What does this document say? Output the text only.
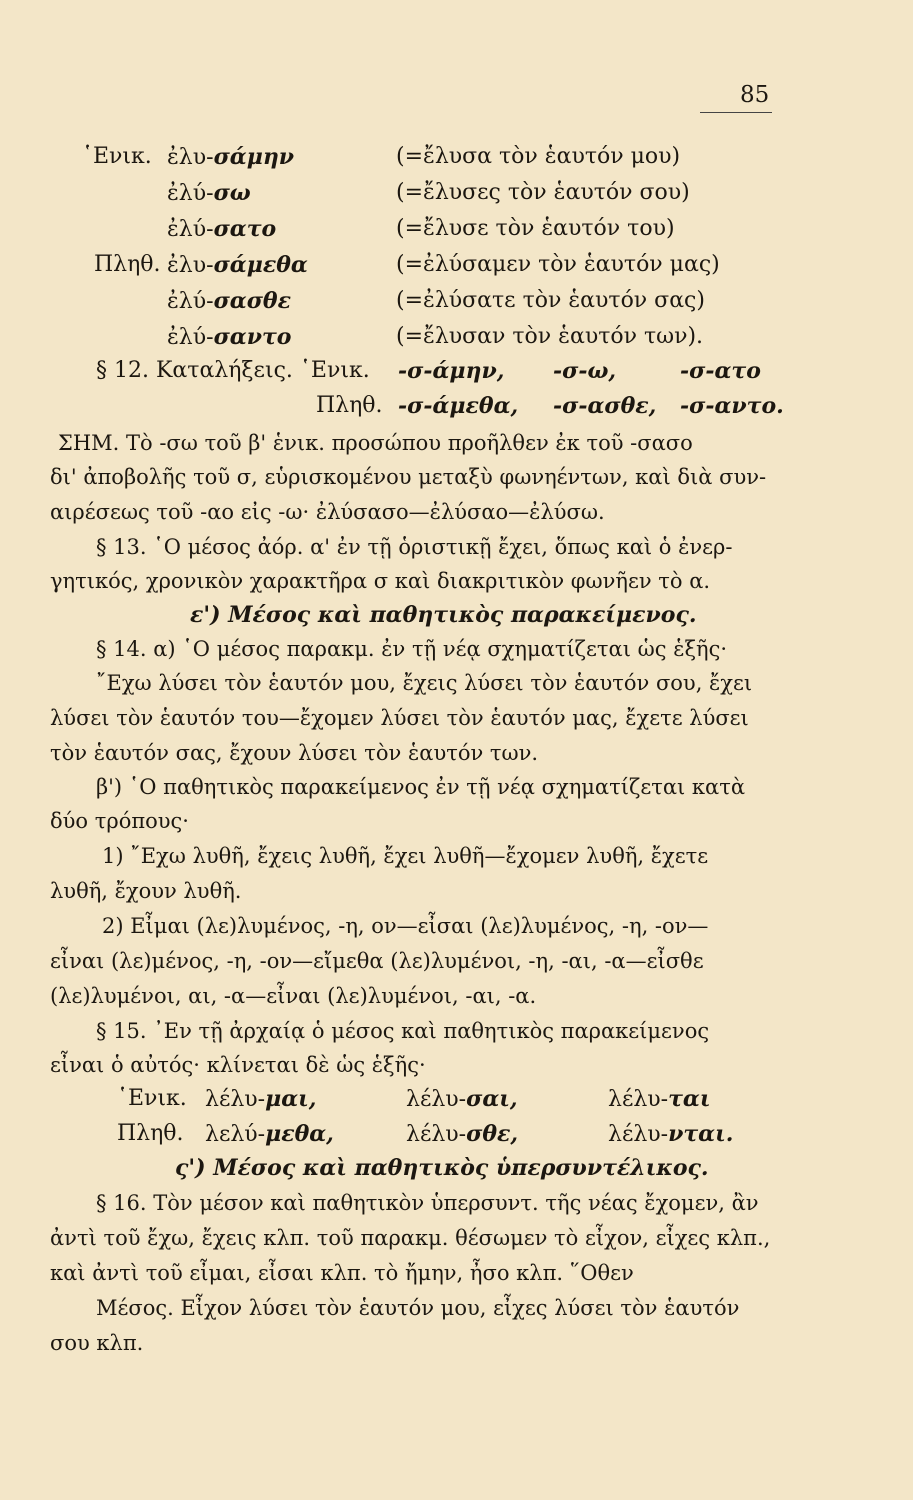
85
῾Ενικ. ἐλυ-σάμην	(=ἔλυσα τὸν ἑαυτόν μου)
ἐλύ-σω	(=ἔλυσες τὸν ἑαυτόν σου)
ἐλύ-σατο	(=ἔλυσε τὸν ἑαυτόν του)
Πληθ. ἐλυ-σάμεθα	(=ἐλύσαμεν τὸν ἑαυτόν μας)
ἐλύ-σασθε	(=ἐλύσατε τὸν ἑαυτόν σας)
ἐλύ-σαντο	(=ἔλυσαν τὸν ἑαυτόν των).
§ 12. Καταλήξεις. ῾Ενικ. -σ-άμην, -σ-ω,	-σ-ατο
Πληθ. -σ-άμεθα, -σ-ασθε, -σ-αντο.
ΣΗΜ. Τὸ -σω τοῦ β' ἑνικ. προσώπου προῆλθεν ἐκ τοῦ -σασο
δι' ἀποβολῆς τοῦ σ, εὑρισκομένου μεταξὺ φωνηέντων, καὶ διὰ συν-
αιρέσεως τοῦ -αο εἰς -ω· ἐλύσασο—ἐλύσαο—ἐλύσω.
§ 13. ῾Ο μέσος ἀόρ. α' ἐν τῇ ὁριστικῇ ἔχει, ὅπως καὶ ὁ ἐνερ-
γητικός, χρονικὸν χαρακτῆρα σ καὶ διακριτικὸν φωνῆεν τὸ α.
ε') Μέσος καὶ παθητικὸς παρακείμενος.
§ 14. α) ῾Ο μέσος παρακμ. ἐν τῇ νέᾳ σχηματίζεται ὡς ἑξῆς·
῎Εχω λύσει τὸν ἑαυτόν μου, ἔχεις λύσει τὸν ἑαυτόν σου, ἔχει
λύσει τὸν ἑαυτόν του—ἔχομεν λύσει τὸν ἑαυτόν μας, ἔχετε λύσει
τὸν ἑαυτόν σας, ἔχουν λύσει τὸν ἑαυτόν των.
β') ῾Ο παθητικὸς παρακείμενος ἐν τῇ νέᾳ σχηματίζεται κατὰ
δύο τρόπους·
1) ῎Εχω λυθῆ, ἔχεις λυθῆ, ἔχει λυθῆ—ἔχομεν λυθῆ, ἔχετε
λυθῆ, ἔχουν λυθῆ.
2) Εἶμαι (λε)λυμένος, -η, ον—εἶσαι (λε)λυμένος, -η, -ον—
εἶναι (λε)μένος, -η, -ον—εἴμεθα (λε)λυμένοι, -η, -αι, -α—εἶσθε
(λε)λυμένοι, αι, -α—εἶναι (λε)λυμένοι, -αι, -α.
§ 15. ᾿Εν τῇ ἀρχαίᾳ ὁ μέσος καὶ παθητικὸς παρακείμενος
εἶναι ὁ αὐτός· κλίνεται δὲ ὡς ἑξῆς·
῾Ενικ. λέλυ-μαι,	λέλυ-σαι,	λέλυ-ται
Πληθ. λελύ-μεθα,	λέλυ-σθε,	λέλυ-νται.
ς') Μέσος καὶ παθητικὸς ὑπερσυντέλικος.
§ 16. Τὸν μέσον καὶ παθητικὸν ὑπερσυντ. τῆς νέας ἔχομεν, ἂν
ἀντὶ τοῦ ἔχω, ἔχεις κλπ. τοῦ παρακμ. θέσωμεν τὸ εἶχον, εἶχες κλπ.,
καὶ ἀντὶ τοῦ εἶμαι, εἶσαι κλπ. τὸ ἤμην, ἦσο κλπ. ῞Οθεν
Μέσος. Εἶχον λύσει τὸν ἑαυτόν μου, εἶχες λύσει τὸν ἑαυτόν
σου κλπ.
